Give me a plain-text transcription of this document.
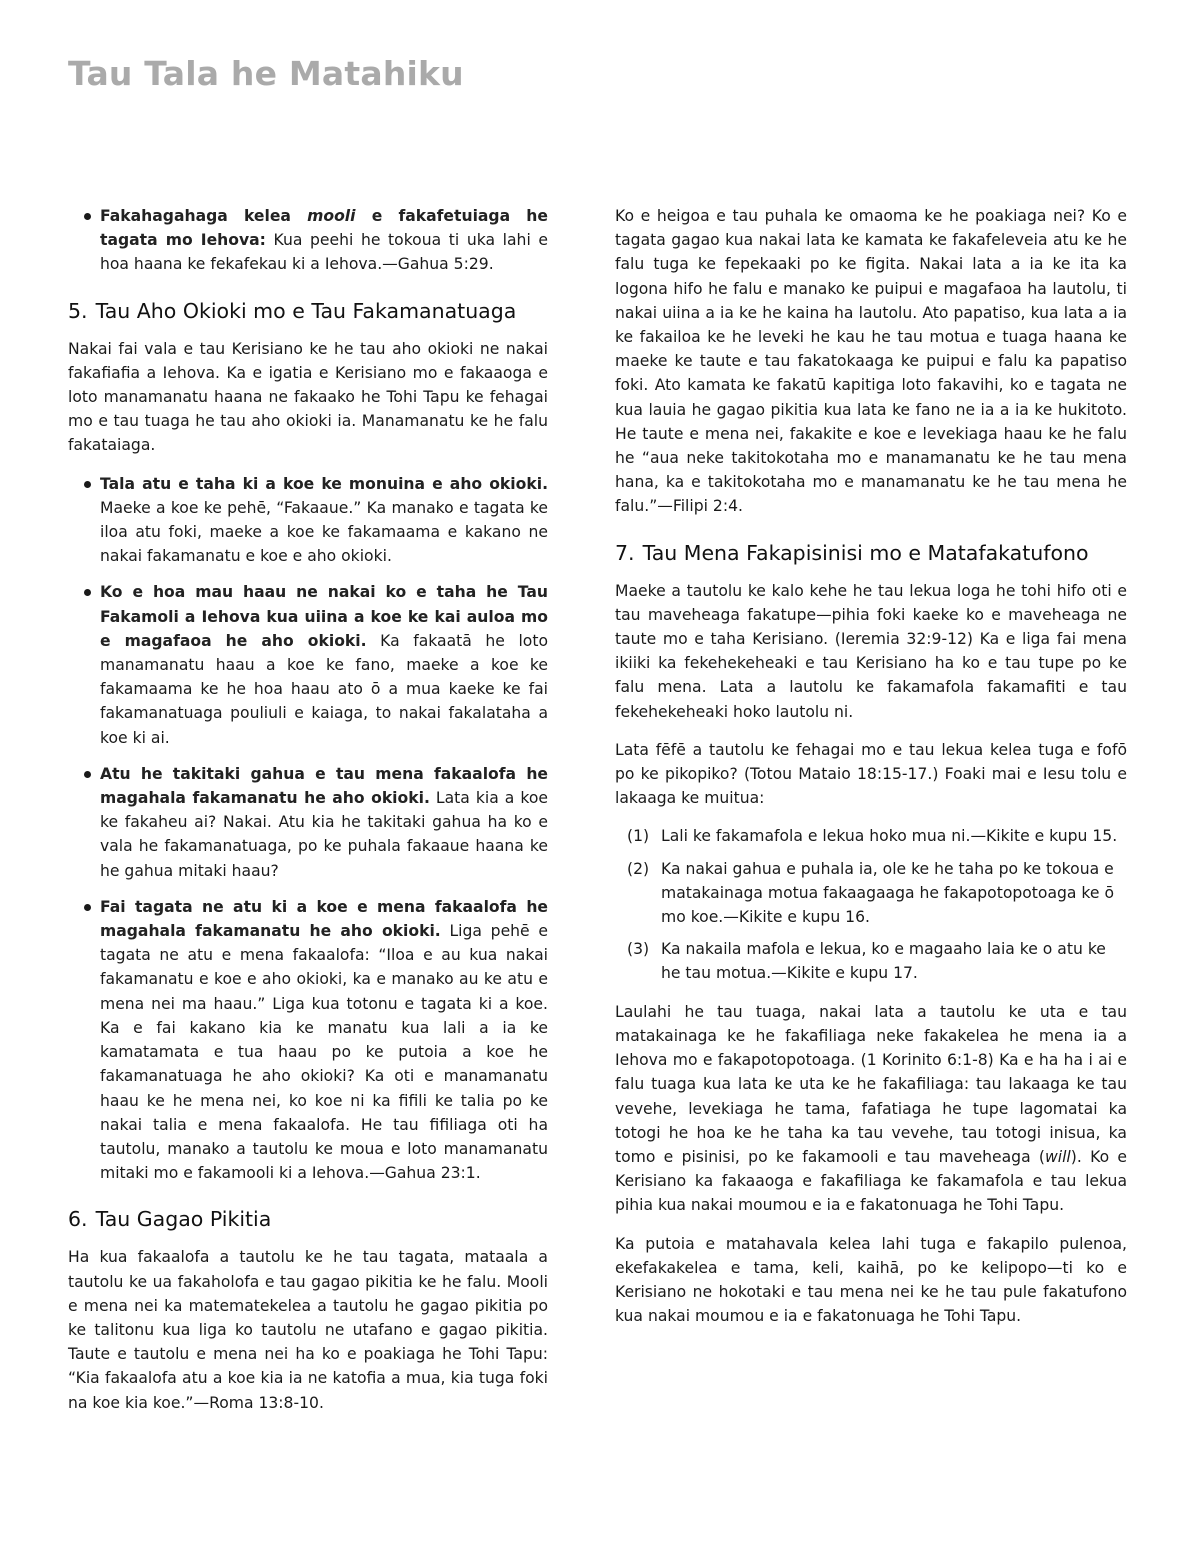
Tau Tala he Matahiku
Fakahagahaga kelea mooli e fakafetuiaga he tagata mo Iehova: Kua peehi he tokoua ti uka lahi e hoa haana ke fekafekau ki a Iehova.—Gahua 5:29.
5. Tau Aho Okioki mo e Tau Fakamanatuaga

Nakai fai vala e tau Kerisiano ke he tau aho okioki ne nakai fakafiafia a Iehova. Ka e igatia e Kerisiano mo e fakaaoga e loto manamanatu haana ne fakaako he Tohi Tapu ke fehagai mo e tau tuaga he tau aho okioki ia. Manamanatu ke he falu fakataiaga.

Tala atu e taha ki a koe ke monuina e aho okioki. Maeke a koe ke pehē, “Fakaaue.” Ka manako e tagata ke iloa atu foki, maeke a koe ke fakamaama e kakano ne nakai fakamanatu e koe e aho okioki.
Ko e hoa mau haau ne nakai ko e taha he Tau Fakamoli a Iehova kua uiina a koe ke kai auloa mo e magafaoa he aho okioki. Ka fakaatā he loto manamanatu haau a koe ke fano, maeke a koe ke fakamaama ke he hoa haau ato ō a mua kaeke ke fai fakamanatuaga pouliuli e kaiaga, to nakai fakalataha a koe ki ai.
Atu he takitaki gahua e tau mena fakaalofa he magahala fakamanatu he aho okioki. Lata kia a koe ke fakaheu ai? Nakai. Atu kia he takitaki gahua ha ko e vala he fakamanatuaga, po ke puhala fakaaue haana ke he gahua mitaki haau?
Fai tagata ne atu ki a koe e mena fakaalofa he magahala fakamanatu he aho okioki. Liga pehē e tagata ne atu e mena fakaalofa: “Iloa e au kua nakai fakamanatu e koe e aho okioki, ka e manako au ke atu e mena nei ma haau.” Liga kua totonu e tagata ki a koe. Ka e fai kakano kia ke manatu kua lali a ia ke kamatamata e tua haau po ke putoia a koe he fakamanatuaga he aho okioki? Ka oti e manamanatu haau ke he mena nei, ko koe ni ka fifili ke talia po ke nakai talia e mena fakaalofa. He tau fifiliaga oti ha tautolu, manako a tautolu ke moua e loto manamanatu mitaki mo e fakamooli ki a Iehova.—Gahua 23:1.
6. Tau Gagao Pikitia

Ha kua fakaalofa a tautolu ke he tau tagata, mataala a tautolu ke ua fakaholofa e tau gagao pikitia ke he falu. Mooli e mena nei ka matematekelea a tautolu he gagao pikitia po ke talitonu kua liga ko tautolu ne utafano e gagao pikitia. Taute e tautolu e mena nei ha ko e poakiaga he Tohi Tapu: “Kia fakaalofa atu a koe kia ia ne katofia a mua, kia tuga foki na koe kia koe.”—Roma 13:8-10.

Ko e heigoa e tau puhala ke omaoma ke he poakiaga nei? Ko e tagata gagao kua nakai lata ke kamata ke fakafeleveia atu ke he falu tuga ke fepekaaki po ke figita. Nakai lata a ia ke ita ka logona hifo he falu e manako ke puipui e magafaoa ha lautolu, ti nakai uiina a ia ke he kaina ha lautolu. Ato papatiso, kua lata a ia ke fakailoa ke he leveki he kau he tau motua e tuaga haana ke maeke ke taute e tau fakatokaaga ke puipui e falu ka papatiso foki. Ato kamata ke fakatū kapitiga loto fakavihi, ko e tagata ne kua lauia he gagao pikitia kua lata ke fano ne ia a ia ke hukitoto. He taute e mena nei, fakakite e koe e levekiaga haau ke he falu he “aua neke takitokotaha mo e manamanatu ke he tau mena hana, ka e takitokotaha mo e manamanatu ke he tau mena he falu.”—Filipi 2:4.

7. Tau Mena Fakapisinisi mo e Matafakatufono

Maeke a tautolu ke kalo kehe he tau lekua loga he tohi hifo oti e tau maveheaga fakatupe—pihia foki kaeke ko e maveheaga ne taute mo e taha Kerisiano. (Ieremia 32:9-12) Ka e liga fai mena ikiiki ka fekehekeheaki e tau Kerisiano ha ko e tau tupe po ke falu mena. Lata a lautolu ke fakamafola fakamafiti e tau fekehekeheaki hoko lautolu ni.

Lata fēfē a tautolu ke fehagai mo e tau lekua kelea tuga e fofō po ke pikopiko? (Totou Mataio 18:15-17.) Foaki mai e Iesu tolu e lakaaga ke muitua:

(1) Lali ke fakamafola e lekua hoko mua ni.—Kikite e kupu 15.
(2) Ka nakai gahua e puhala ia, ole ke he taha po ke tokoua e matakainaga motua fakaagaaga he fakapotopotoaga ke ō mo koe.—Kikite e kupu 16.
(3) Ka nakaila mafola e lekua, ko e magaaho laia ke o atu ke he tau motua.—Kikite e kupu 17.

Laulahi he tau tuaga, nakai lata a tautolu ke uta e tau matakainaga ke he fakafiliaga neke fakakelea he mena ia a Iehova mo e fakapotopotoaga. (1 Korinito 6:1-8) Ka e ha ha i ai e falu tuaga kua lata ke uta ke he fakafiliaga: tau lakaaga ke tau vevehe, levekiaga he tama, fafatiaga he tupe lagomatai ka totogi he hoa ke he taha ka tau vevehe, tau totogi inisua, ka tomo e pisinisi, po ke fakamooli e tau maveheaga (will). Ko e Kerisiano ka fakaaoga e fakafiliaga ke fakamafola e tau lekua pihia kua nakai moumou e ia e fakatonuaga he Tohi Tapu.

Ka putoia e matahavala kelea lahi tuga e fakapilo pulenoa, ekefakakelea e tama, keli, kaihā, po ke kelipopo—ti ko e Kerisiano ne hokotaki e tau mena nei ke he tau pule fakatufono kua nakai moumou e ia e fakatonuaga he Tohi Tapu.
